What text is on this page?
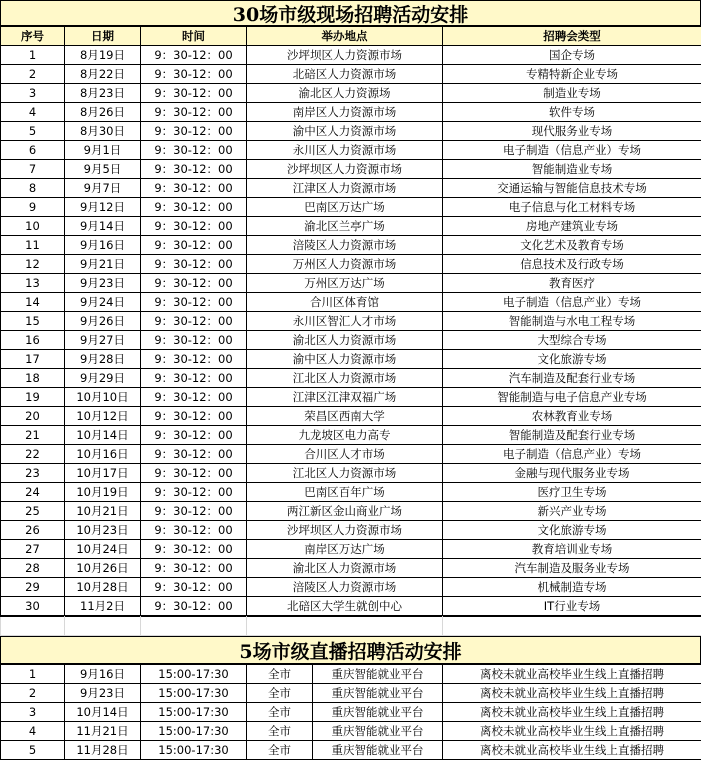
30场市级现场招聘活动安排
序号	日期	时间	举办地点	招聘会类型
1	8月19日	9：30-12：00	沙坪坝区人力资源市场	国企专场
2	8月22日	9：30-12：00	北碚区人力资源市场	专精特新企业专场
3	8月23日	9：30-12：00	渝北区人力资源场	制造业专场
4	8月26日	9：30-12：00	南岸区人力资源市场	软件专场
5	8月30日	9：30-12：00	渝中区人力资源市场	现代服务业专场
6	9月1日	9：30-12：00	永川区人力资源市场	电子制造（信息产业）专场
7	9月5日	9：30-12：00	沙坪坝区人力资源市场	智能制造业专场
8	9月7日	9：30-12：00	江津区人力资源市场	交通运输与智能信息技术专场
9	9月12日	9：30-12：00	巴南区万达广场	电子信息与化工材料专场
10	9月14日	9：30-12：00	渝北区兰亭广场	房地产建筑业专场
11	9月16日	9：30-12：00	涪陵区人力资源市场	文化艺术及教育专场
12	9月21日	9：30-12：00	万州区人力资源市场	信息技术及行政专场
13	9月23日	9：30-12：00	万州区万达广场	教育医疗
14	9月24日	9：30-12：00	合川区体育馆	电子制造（信息产业）专场
15	9月26日	9：30-12：00	永川区智汇人才市场	智能制造与水电工程专场
16	9月27日	9：30-12：00	渝北区人力资源市场	大型综合专场
17	9月28日	9：30-12：00	渝中区人力资源市场	文化旅游专场
18	9月29日	9：30-12：00	江北区人力资源市场	汽车制造及配套行业专场
19	10月10日	9：30-12：00	江津区江津双福广场	智能制造与电子信息产业专场
20	10月12日	9：30-12：00	荣昌区西南大学	农林教育业专场
21	10月14日	9：30-12：00	九龙坡区电力高专	智能制造及配套行业专场
22	10月16日	9：30-12：00	合川区人才市场	电子制造（信息产业）专场
23	10月17日	9：30-12：00	江北区人力资源市场	金融与现代服务业专场
24	10月19日	9：30-12：00	巴南区百年广场	医疗卫生专场
25	10月21日	9：30-12：00	两江新区金山商业广场	新兴产业专场
26	10月23日	9：30-12：00	沙坪坝区人力资源市场	文化旅游专场
27	10月24日	9：30-12：00	南岸区万达广场	教育培训业专场
28	10月26日	9：30-12：00	渝北区人力资源市场	汽车制造及服务业专场
29	10月28日	9：30-12：00	涪陵区人力资源市场	机械制造专场
30	11月2日	9：30-12：00	北碚区大学生就创中心	IT行业专场

5场市级直播招聘活动安排
1	9月16日	15:00-17:30	全市	重庆智能就业平台	离校未就业高校毕业生线上直播招聘
2	9月23日	15:00-17:30	全市	重庆智能就业平台	离校未就业高校毕业生线上直播招聘
3	10月14日	15:00-17:30	全市	重庆智能就业平台	离校未就业高校毕业生线上直播招聘
4	11月21日	15:00-17:30	全市	重庆智能就业平台	离校未就业高校毕业生线上直播招聘
5	11月28日	15:00-17:30	全市	重庆智能就业平台	离校未就业高校毕业生线上直播招聘
